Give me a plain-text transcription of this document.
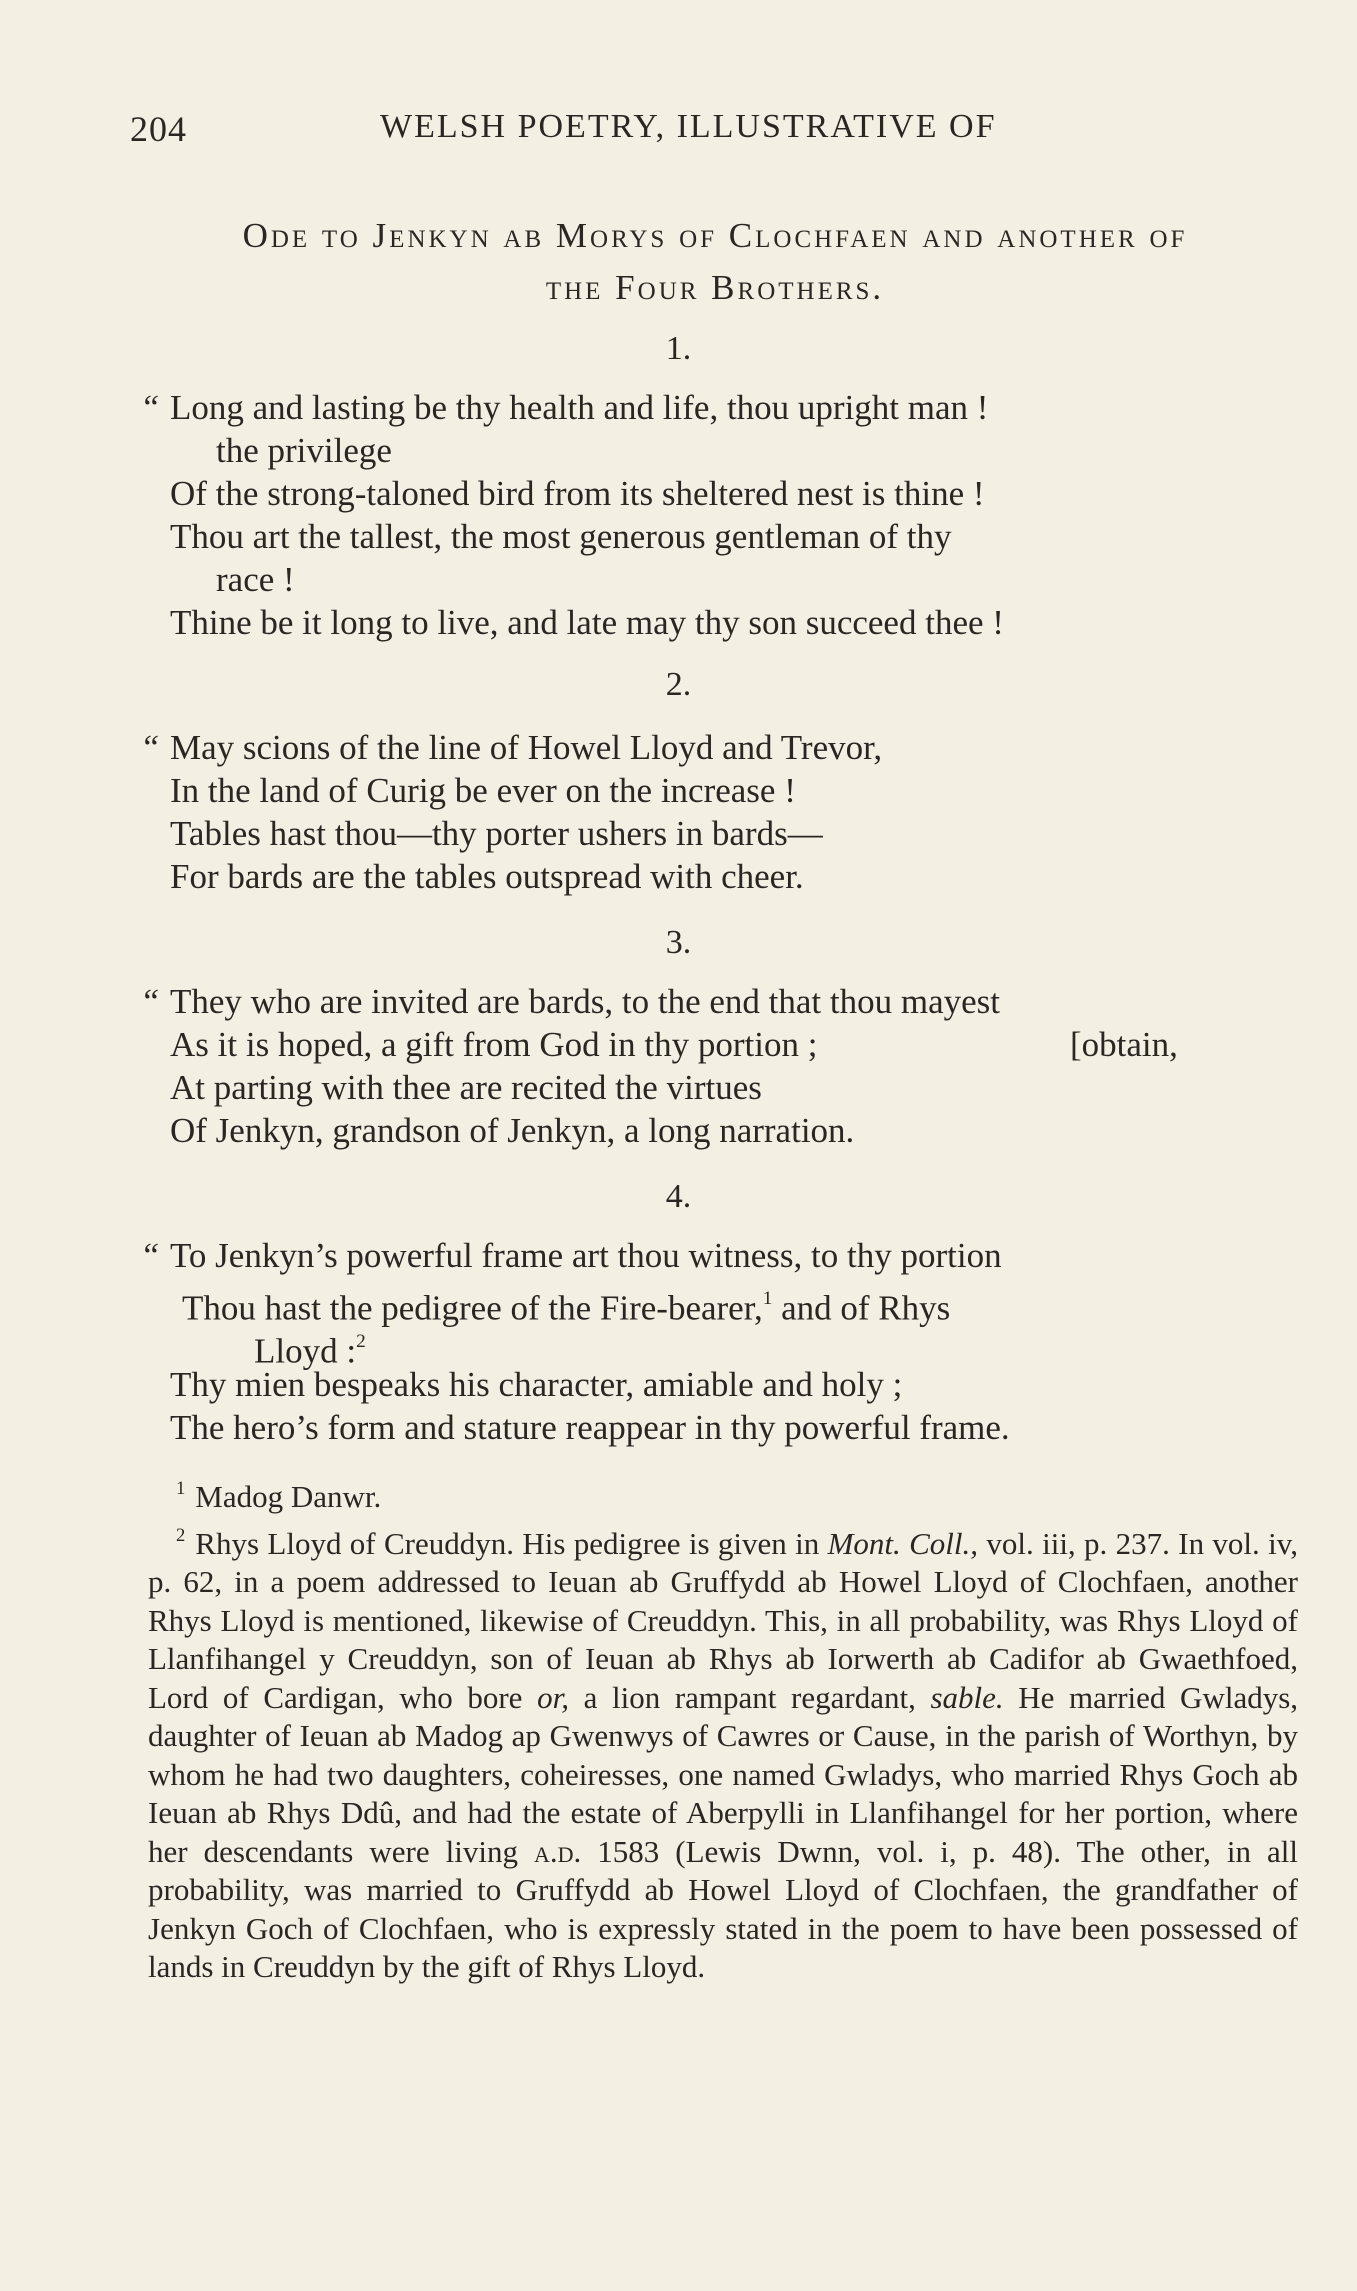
204	WELSH POETRY, ILLUSTRATIVE OF
Ode to Jenkyn ab Morys of Clochfaen and another of
the Four Brothers.
1.
“ Long and lasting be thy health and life, thou upright man !
the privilege
Of the strong-taloned bird from its sheltered nest is thine !
Thou art the tallest, the most generous gentleman of thy
race !
Thine be it long to live, and late may thy son succeed thee !
2.
“ May scions of the line of Howel Lloyd and Trevor,
In the land of Curig be ever on the increase !
Tables hast thou—thy porter ushers in bards—
For bards are the tables outspread with cheer.
3.
“ They who are invited are bards, to the end that thou mayest
As it is hoped, a gift from God in thy portion ;	[obtain,
At parting with thee are recited the virtues
Of Jenkyn, grandson of Jenkyn, a long narration.
4.
“ To Jenkyn’s powerful frame art thou witness, to thy portion
Thou hast the pedigree of the Fire-bearer,$^1$ and of Rhys
Lloyd :$^2$
Thy mien bespeaks his character, amiable and holy ;
The hero’s form and stature reappear in thy powerful frame.
$^1$ Madog Danwr.

$^2$ Rhys Lloyd of Creuddyn. His pedigree is given in Mont. Coll., vol. iii, p. 237. In vol. iv, p. 62, in a poem addressed to Ieuan ab Gruffydd ab Howel Lloyd of Clochfaen, another Rhys Lloyd is mentioned, likewise of Creuddyn. This, in all probability, was Rhys Lloyd of Llanfihangel y Creuddyn, son of Ieuan ab Rhys ab Iorwerth ab Cadifor ab Gwaethfoed, Lord of Cardigan, who bore or, a lion rampant regardant, sable. He married Gwladys, daughter of Ieuan ab Madog ap Gwenwys of Cawres or Cause, in the parish of Worthyn, by whom he had two daughters, coheiresses, one named Gwladys, who married Rhys Goch ab Ieuan ab Rhys Ddû, and had the estate of Aberpylli in Llanfihangel for her portion, where her descendants were living a.d. 1583 (Lewis Dwnn, vol. i, p. 48). The other, in all probability, was married to Gruffydd ab Howel Lloyd of Clochfaen, the grandfather of Jenkyn Goch of Clochfaen, who is expressly stated in the poem to have been possessed of lands in Creuddyn by the gift of Rhys Lloyd.
